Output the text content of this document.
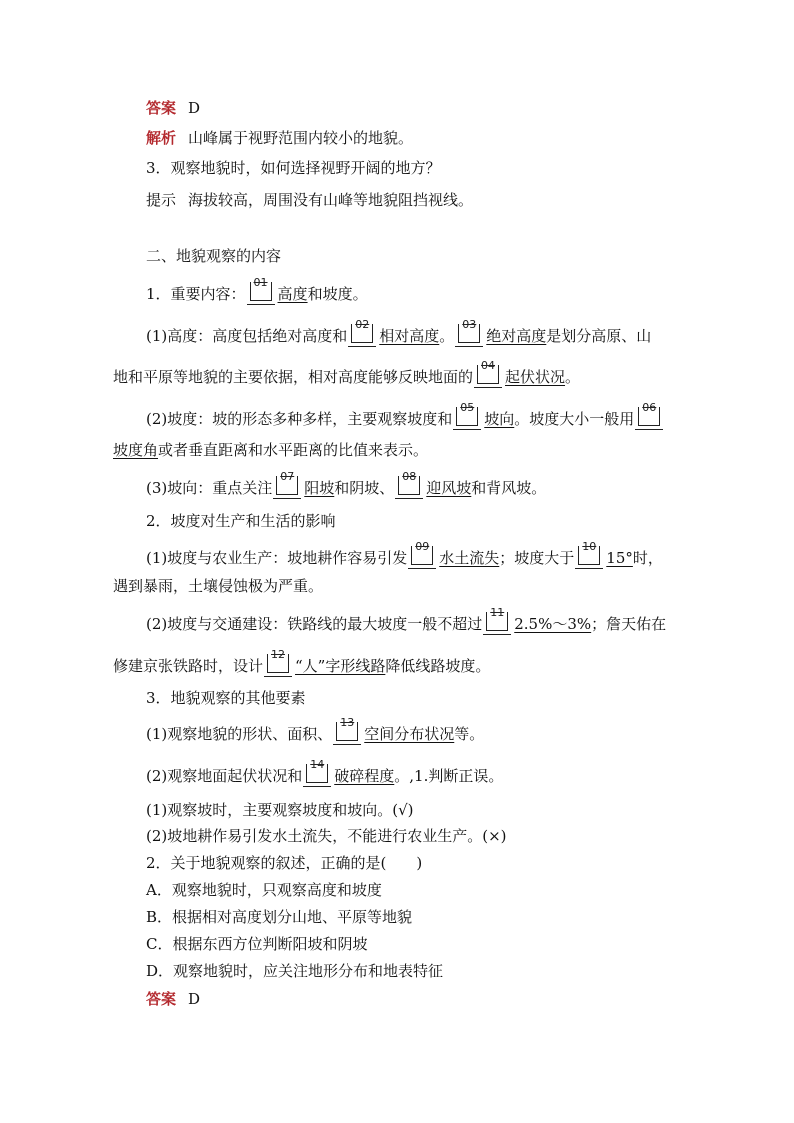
答案 D
解析 山峰属于视野范围内较小的地貌。
3．观察地貌时，如何选择视野开阔的地方？
提示 海拔较高，周围没有山峰等地貌阻挡视线。
二、地貌观察的内容
1．重要内容：
01
高度和坡度。
(1)高度：高度包括绝对高度和
02
相对高度。
03
绝对高度是划分高原、山
地和平原等地貌的主要依据，相对高度能够反映地面的
04
起伏状况。
(2)坡度：坡的形态多种多样，主要观察坡度和
05
坡向。坡度大小一般用
06
坡度角或者垂直距离和水平距离的比值来表示。
(3)坡向：重点关注
07
阳坡和阴坡、
08
迎风坡和背风坡。
2．坡度对生产和生活的影响
(1)坡度与农业生产：坡地耕作容易引发
09
水土流失；坡度大于
10
15°时，
遇到暴雨，土壤侵蚀极为严重。
(2)坡度与交通建设：铁路线的最大坡度一般不超过
11
2.5%～3%；詹天佑在
修建京张铁路时，设计
12
“人”字形线路降低线路坡度。
3．地貌观察的其他要素
(1)观察地貌的形状、面积、
13
空间分布状况等。
(2)观察地面起伏状况和
14
破碎程度。,1.判断正误。
(1)观察坡时，主要观察坡度和坡向。(√)
(2)坡地耕作易引发水土流失，不能进行农业生产。(×)
2．关于地貌观察的叙述，正确的是(　　)
A．观察地貌时，只观察高度和坡度
B．根据相对高度划分山地、平原等地貌
C．根据东西方位判断阳坡和阴坡
D．观察地貌时，应关注地形分布和地表特征
答案 D
